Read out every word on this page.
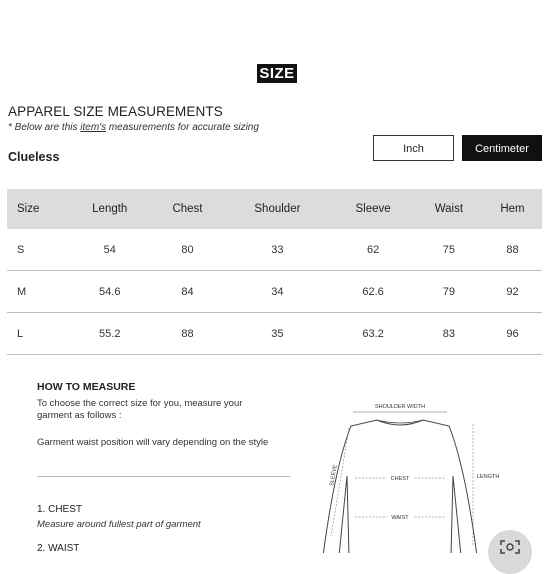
SIZE
APPAREL SIZE MEASUREMENTS
* Below are this item's measurements for accurate sizing
Clueless
Inch	Centimeter
Size	Length	Chest	Shoulder	Sleeve	Waist	Hem
S	54	80	33	62	75	88
M	54.6	84	34	62.6	79	92
L	55.2	88	35	63.2	83	96
HOW TO MEASURE
To choose the correct size for you, measure your garment as follows :
Garment waist position will vary depending on the style
1. CHEST
Measure around fullest part of garment
2. WAIST
SHOULDER WIDTH
CHEST
WAIST
LENGTH
SLEEVE
